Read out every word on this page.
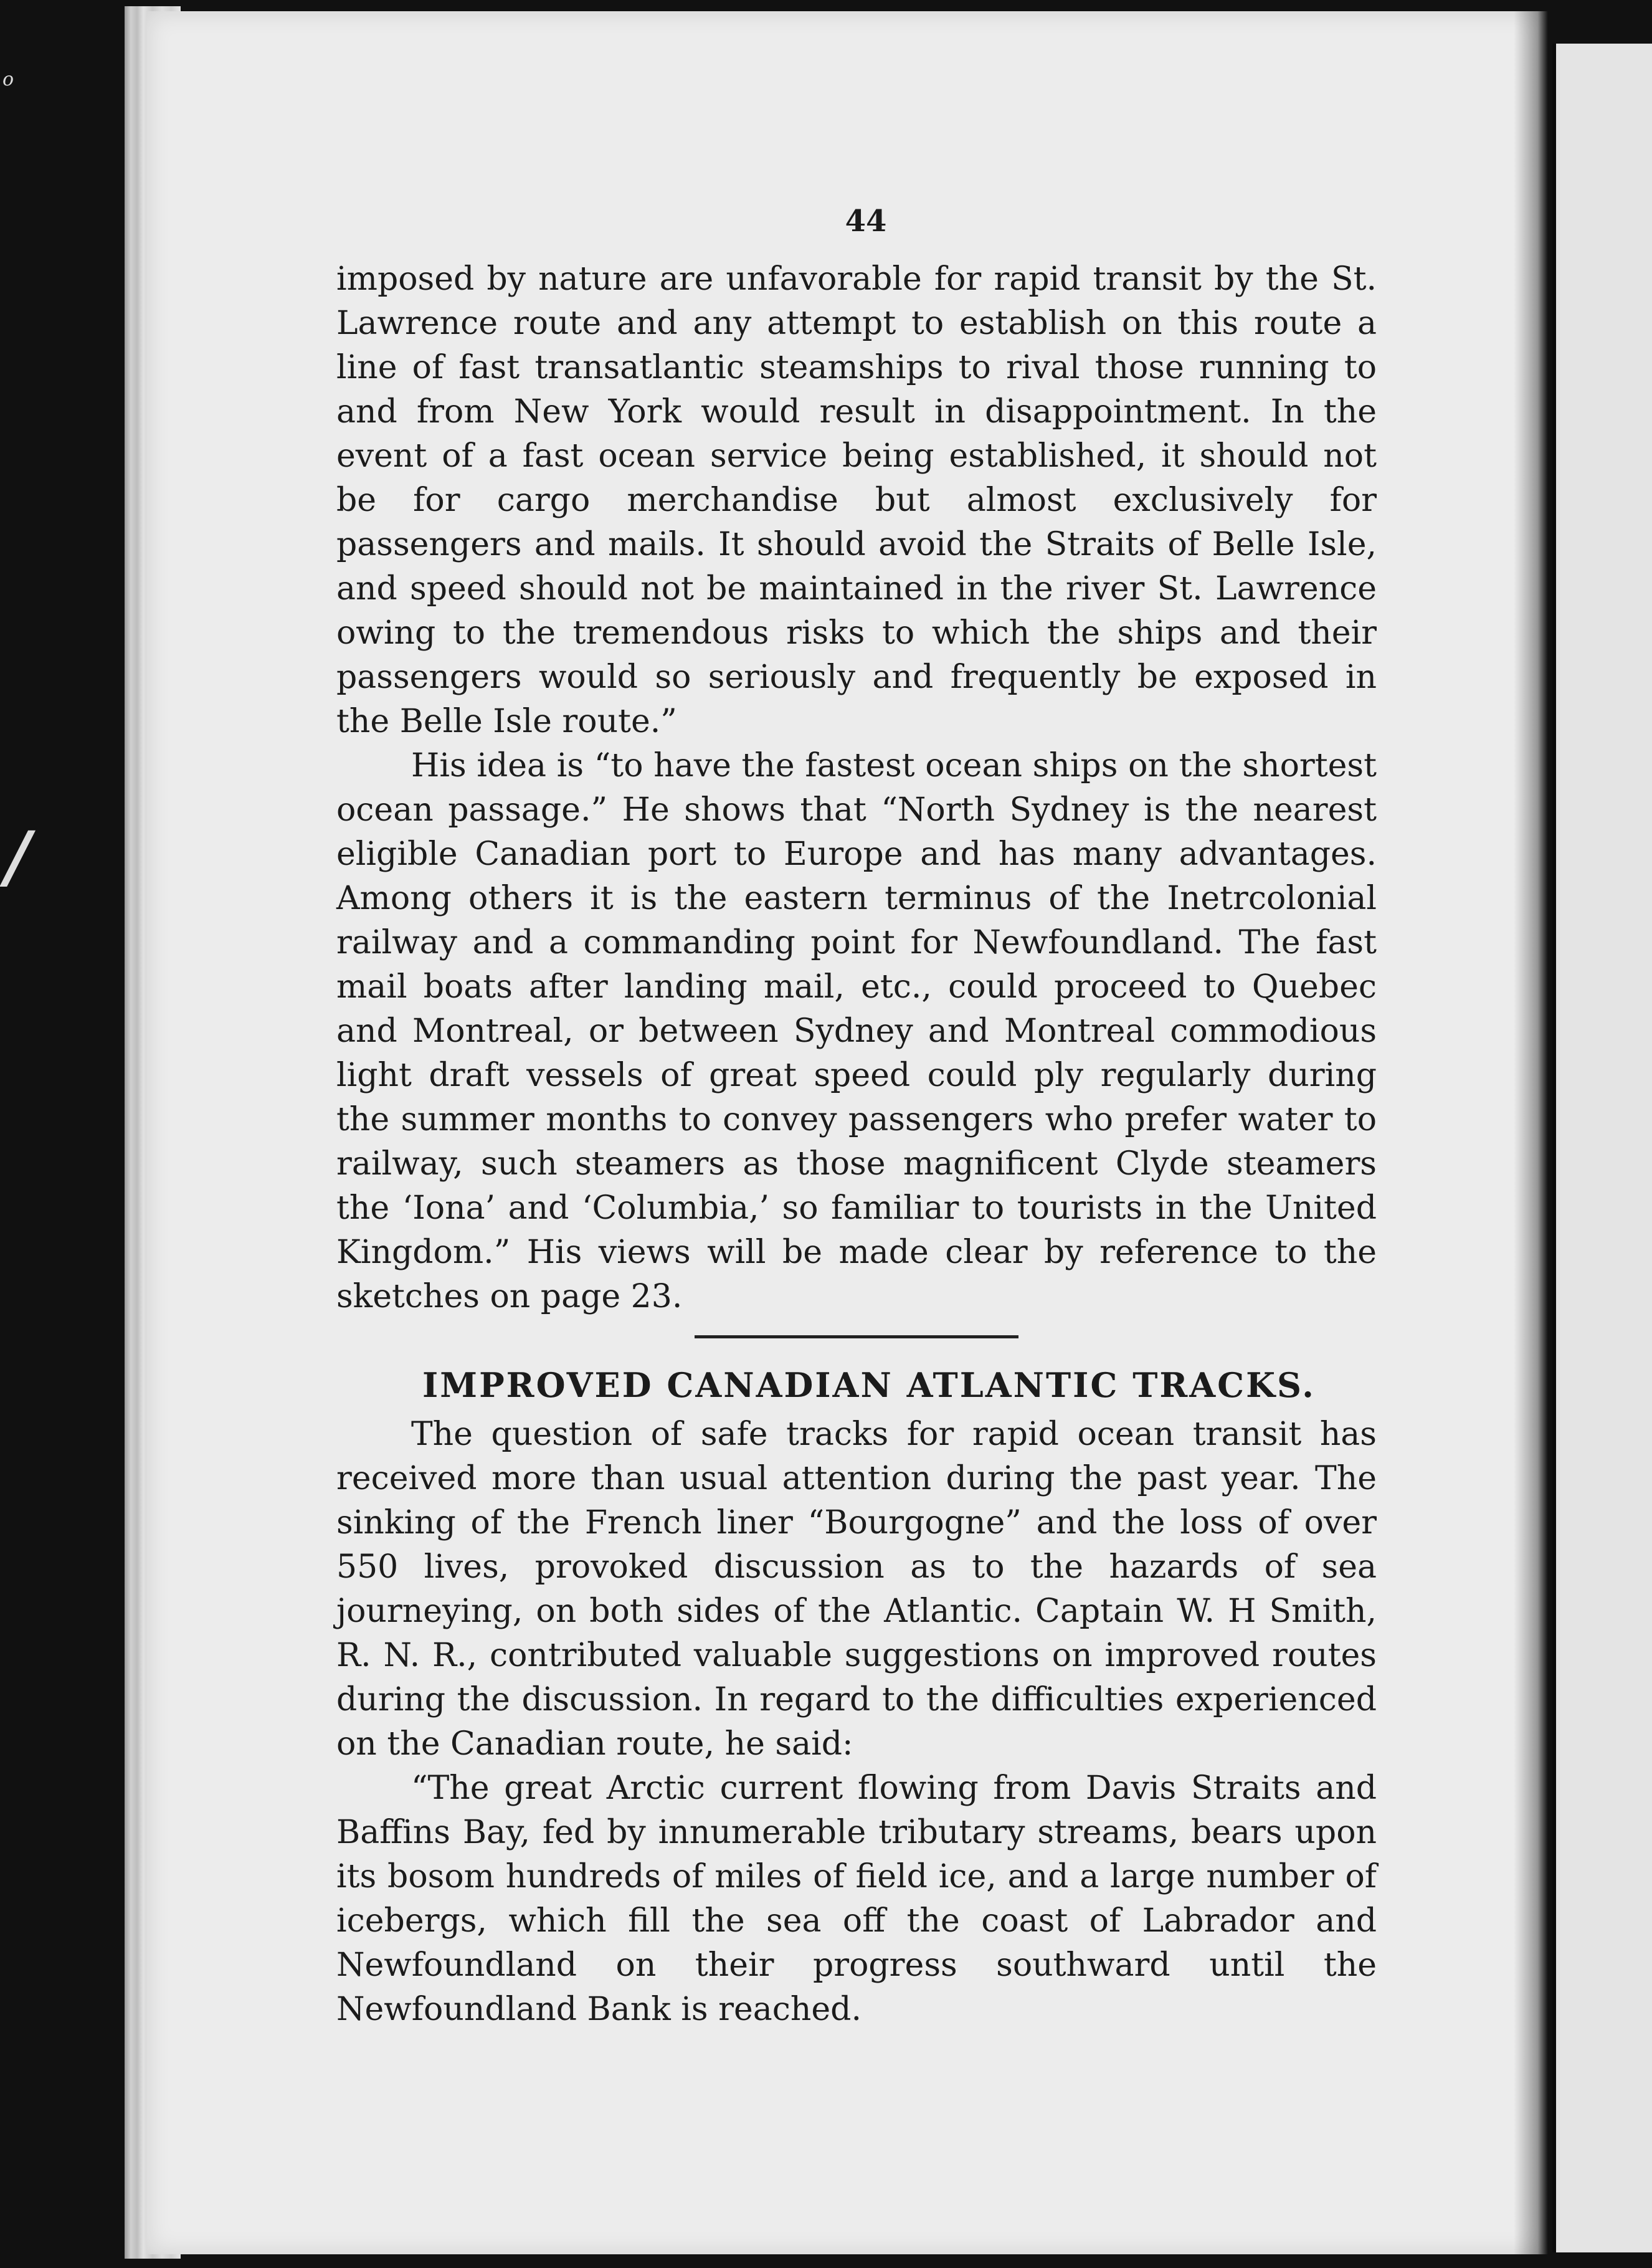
o
/
44

imposed by nature are unfavorable for rapid transit by the St. Lawrence route and any attempt to establish on this route a line of fast transatlantic steamships to rival those running to and from New York would result in disappointment. In the event of a fast ocean service being established, it should not be for cargo merchandise but almost exclusively for passengers and mails. It should avoid the Straits of Belle Isle, and speed should not be maintained in the river St. Lawrence owing to the tremendous risks to which the ships and their passengers would so seriously and frequently be exposed in the Belle Isle route.”

His idea is “to have the fastest ocean ships on the shortest ocean passage.” He shows that “North Sydney is the nearest eligible Canadian port to Europe and has many advantages. Among others it is the eastern terminus of the Inetrcolonial railway and a commanding point for Newfoundland. The fast mail boats after landing mail, etc., could proceed to Quebec and Montreal, or between Sydney and Montreal commodious light draft vessels of great speed could ply regularly during the summer months to convey passengers who prefer water to railway, such steamers as those magnificent Clyde steamers the ‘Iona’ and ‘Columbia,’ so familiar to tourists in the United Kingdom.” His views will be made clear by reference to the sketches on page 23.

IMPROVED CANADIAN ATLANTIC TRACKS.

The question of safe tracks for rapid ocean transit has received more than usual attention during the past year. The sinking of the French liner “Bourgogne” and the loss of over 550 lives, provoked discussion as to the hazards of sea journeying, on both sides of the Atlantic. Captain W. H Smith, R. N. R., contributed valuable suggestions on improved routes during the discussion. In regard to the difficulties experienced on the Canadian route, he said:

“The great Arctic current flowing from Davis Straits and Baffins Bay, fed by innumerable tributary streams, bears upon its bosom hundreds of miles of field ice, and a large number of icebergs, which fill the sea off the coast of Labrador and Newfoundland on their progress southward until the Newfoundland Bank is reached.
